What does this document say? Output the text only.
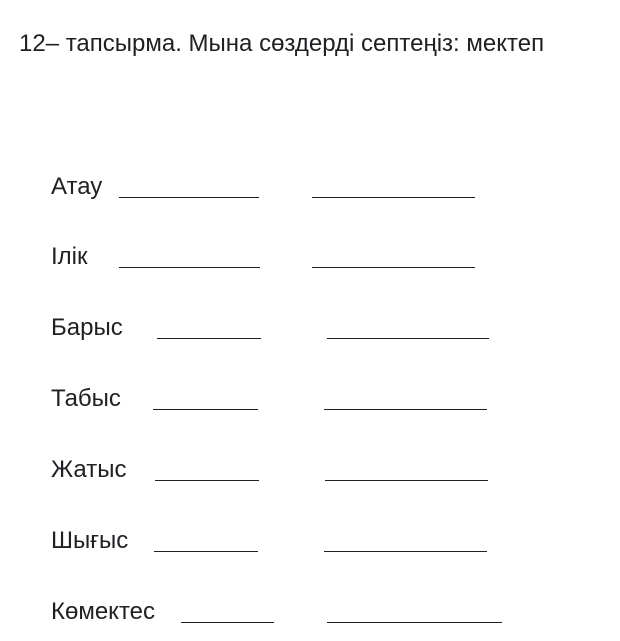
12– тапсырма. Мына сөздерді септеңіз: мектеп
Атау
Ілік
Барыс
Табыс
Жатыс
Шығыс
Көмектес
